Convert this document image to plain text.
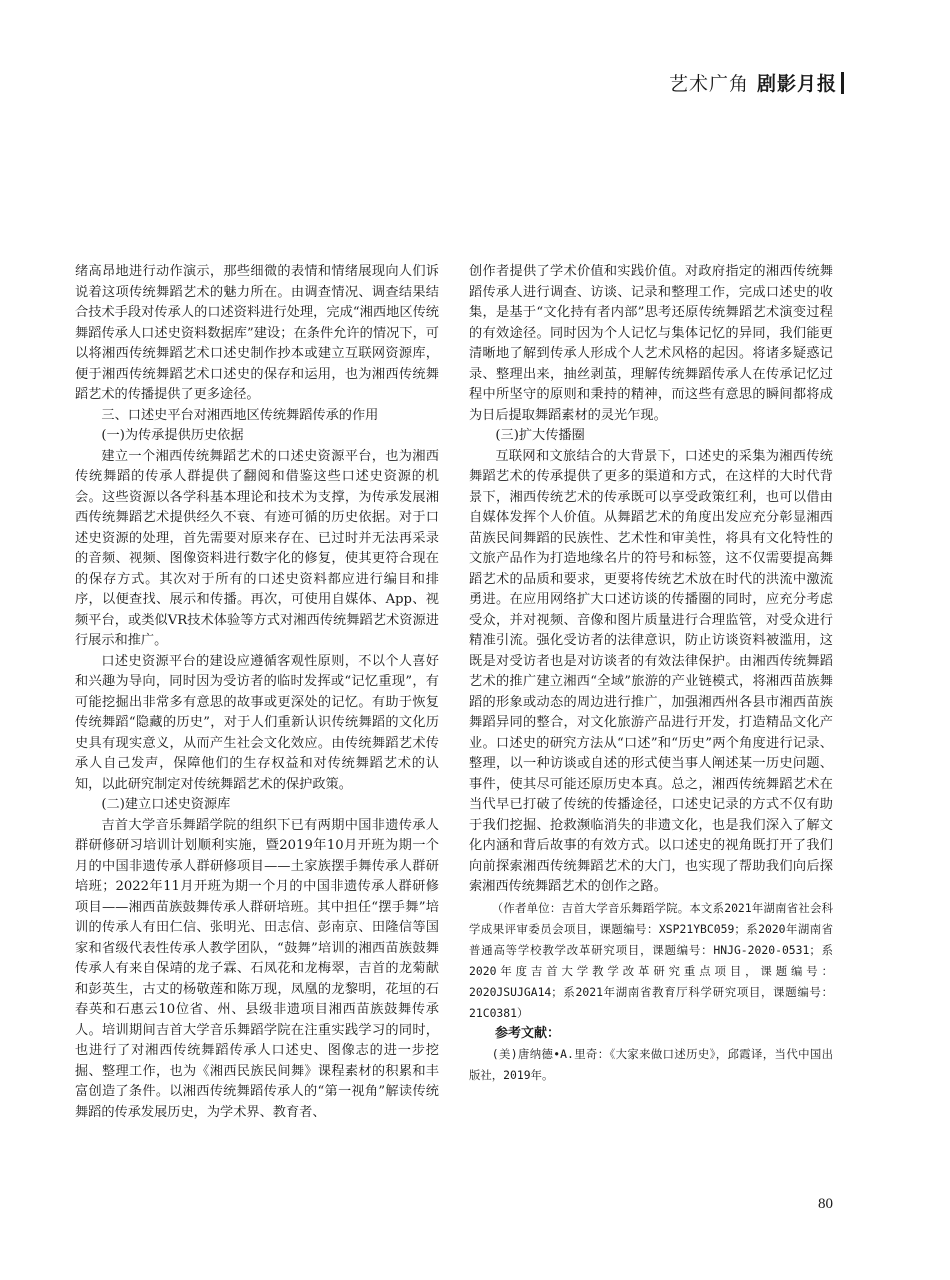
艺术广角 剧影月报

绪高昂地进行动作演示，那些细微的表情和情绪展现向人们诉说着这项传统舞蹈艺术的魅力所在。由调查情况、调查结果结合技术手段对传承人的口述资料进行处理，完成“湘西地区传统舞蹈传承人口述史资料数据库”建设；在条件允许的情况下，可以将湘西传统舞蹈艺术口述史制作抄本或建立互联网资源库，便于湘西传统舞蹈艺术口述史的保存和运用，也为湘西传统舞蹈艺术的传播提供了更多途径。

三、口述史平台对湘西地区传统舞蹈传承的作用

(一)为传承提供历史依据

建立一个湘西传统舞蹈艺术的口述史资源平台，也为湘西传统舞蹈的传承人群提供了翻阅和借鉴这些口述史资源的机会。这些资源以各学科基本理论和技术为支撑，为传承发展湘西传统舞蹈艺术提供经久不衰、有迹可循的历史依据。对于口述史资源的处理，首先需要对原来存在、已过时并无法再采录的音频、视频、图像资料进行数字化的修复，使其更符合现在的保存方式。其次对于所有的口述史资料都应进行编目和排序，以便查找、展示和传播。再次，可使用自媒体、App、视频平台，或类似VR技术体验等方式对湘西传统舞蹈艺术资源进行展示和推广。

口述史资源平台的建设应遵循客观性原则，不以个人喜好和兴趣为导向，同时因为受访者的临时发挥或“记忆重现”，有可能挖掘出非常多有意思的故事或更深处的记忆。有助于恢复传统舞蹈“隐藏的历史”，对于人们重新认识传统舞蹈的文化历史具有现实意义，从而产生社会文化效应。由传统舞蹈艺术传承人自己发声，保障他们的生存权益和对传统舞蹈艺术的认知，以此研究制定对传统舞蹈艺术的保护政策。

(二)建立口述史资源库

吉首大学音乐舞蹈学院的组织下已有两期中国非遗传承人群研修研习培训计划顺利实施，暨2019年10月开班为期一个月的中国非遗传承人群研修项目——土家族摆手舞传承人群研培班；2022年11月开班为期一个月的中国非遗传承人群研修项目——湘西苗族鼓舞传承人群研培班。其中担任“摆手舞”培训的传承人有田仁信、张明光、田志信、彭南京、田隆信等国家和省级代表性传承人教学团队，“鼓舞”培训的湘西苗族鼓舞传承人有来自保靖的龙子霖、石凤花和龙梅翠，吉首的龙菊献和彭英生，古丈的杨敬莲和陈万现，凤凰的龙黎明，花垣的石春英和石惠云10位省、州、县级非遗项目湘西苗族鼓舞传承人。培训期间吉首大学音乐舞蹈学院在注重实践学习的同时，也进行了对湘西传统舞蹈传承人口述史、图像志的进一步挖掘、整理工作，也为《湘西民族民间舞》课程素材的积累和丰富创造了条件。以湘西传统舞蹈传承人的“第一视角”解读传统舞蹈的传承发展历史，为学术界、教育者、

创作者提供了学术价值和实践价值。对政府指定的湘西传统舞蹈传承人进行调查、访谈、记录和整理工作，完成口述史的收集，是基于“文化持有者内部”思考还原传统舞蹈艺术演变过程的有效途径。同时因为个人记忆与集体记忆的异同，我们能更清晰地了解到传承人形成个人艺术风格的起因。将诸多疑惑记录、整理出来，抽丝剥茧，理解传统舞蹈传承人在传承记忆过程中所坚守的原则和秉持的精神，而这些有意思的瞬间都将成为日后提取舞蹈素材的灵光乍现。

(三)扩大传播圈

互联网和文旅结合的大背景下，口述史的采集为湘西传统舞蹈艺术的传承提供了更多的渠道和方式，在这样的大时代背景下，湘西传统艺术的传承既可以享受政策红利，也可以借由自媒体发挥个人价值。从舞蹈艺术的角度出发应充分彰显湘西苗族民间舞蹈的民族性、艺术性和审美性，将具有文化特性的文旅产品作为打造地缘名片的符号和标签，这不仅需要提高舞蹈艺术的品质和要求，更要将传统艺术放在时代的洪流中激流勇进。在应用网络扩大口述访谈的传播圈的同时，应充分考虑受众，并对视频、音像和图片质量进行合理监管，对受众进行精准引流。强化受访者的法律意识，防止访谈资料被滥用，这既是对受访者也是对访谈者的有效法律保护。由湘西传统舞蹈艺术的推广建立湘西“全域”旅游的产业链模式，将湘西苗族舞蹈的形象或动态的周边进行推广，加强湘西州各县市湘西苗族舞蹈异同的整合，对文化旅游产品进行开发，打造精品文化产业。口述史的研究方法从“口述”和“历史”两个角度进行记录、整理，以一种访谈或自述的形式使当事人阐述某一历史问题、事件，使其尽可能还原历史本真。总之，湘西传统舞蹈艺术在当代早已打破了传统的传播途径，口述史记录的方式不仅有助于我们挖掘、抢救濒临消失的非遗文化，也是我们深入了解文化内涵和背后故事的有效方式。以口述史的视角既打开了我们向前探索湘西传统舞蹈艺术的大门，也实现了帮助我们向后探索湘西传统舞蹈艺术的创作之路。

（作者单位：吉首大学音乐舞蹈学院。本文系2021年湖南省社会科学成果评审委员会项目，课题编号：XSP21YBC059；系2020年湖南省普通高等学校教学改革研究项目，课题编号：HNJG-2020-0531；系2020年度吉首大学教学改革研究重点项目，课题编号：2020JSUJGA14；系2021年湖南省教育厅科学研究项目，课题编号：21C0381）

参考文献：

(美)唐纳德•A.里奇：《大家来做口述历史》，邱霞译，当代中国出版社，2019年。

80
